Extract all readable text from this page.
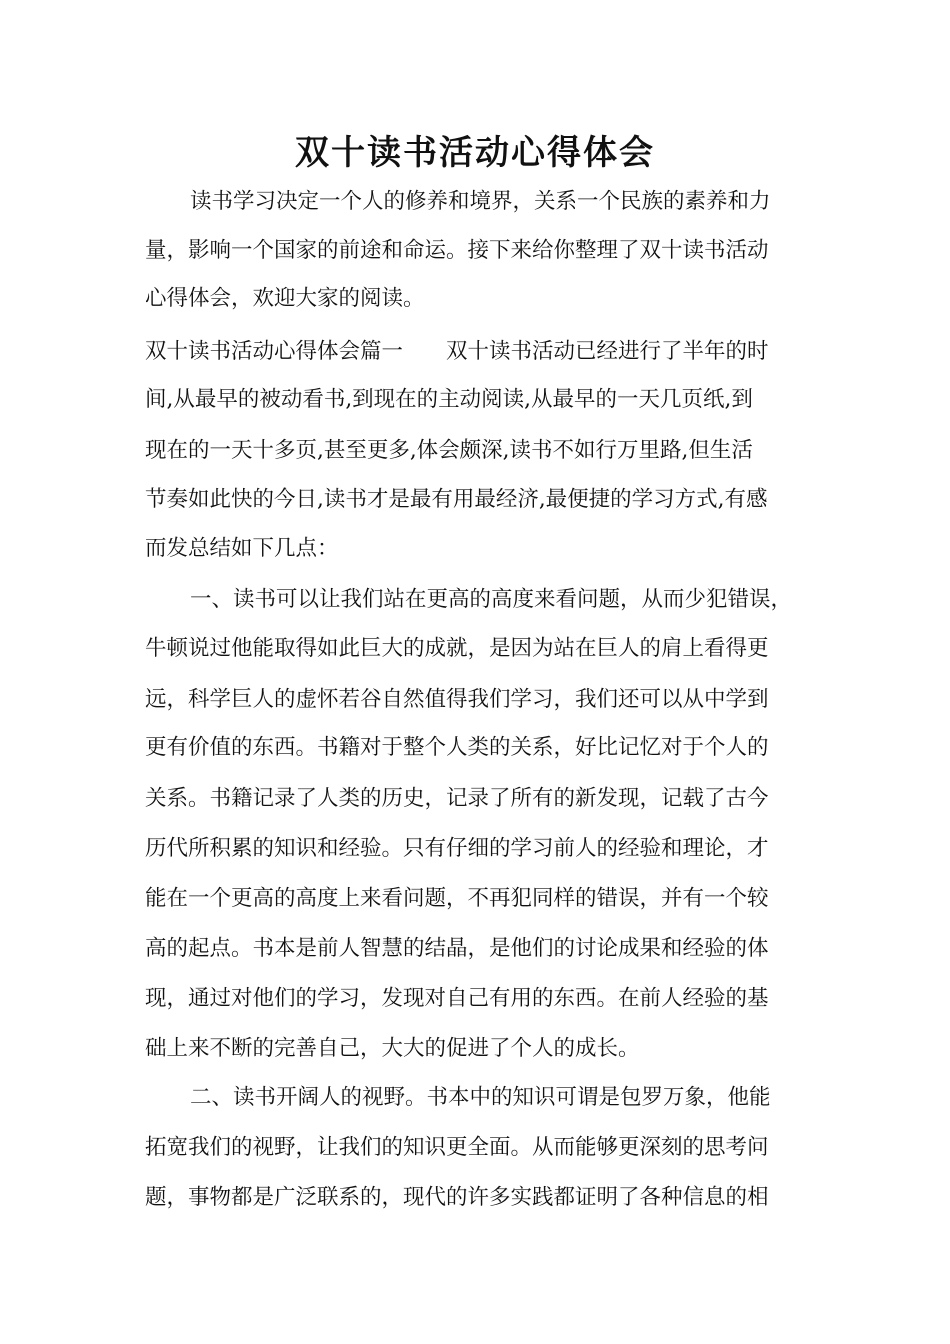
双十读书活动心得体会

读书学习决定一个人的修养和境界，关系一个民族的素养和力

量，影响一个国家的前途和命运。接下来给你整理了双十读书活动

心得体会，欢迎大家的阅读。

双十读书活动心得体会篇一　　双十读书活动已经进行了半年的时

间,从最早的被动看书,到现在的主动阅读,从最早的一天几页纸,到

现在的一天十多页,甚至更多,体会颇深,读书不如行万里路,但生活

节奏如此快的今日,读书才是最有用最经济,最便捷的学习方式,有感

而发总结如下几点：

一、读书可以让我们站在更高的高度来看问题，从而少犯错误，

牛顿说过他能取得如此巨大的成就，是因为站在巨人的肩上看得更

远，科学巨人的虚怀若谷自然值得我们学习，我们还可以从中学到

更有价值的东西。书籍对于整个人类的关系，好比记忆对于个人的

关系。书籍记录了人类的历史，记录了所有的新发现，记载了古今

历代所积累的知识和经验。只有仔细的学习前人的经验和理论，才

能在一个更高的高度上来看问题，不再犯同样的错误，并有一个较

高的起点。书本是前人智慧的结晶，是他们的讨论成果和经验的体

现，通过对他们的学习，发现对自己有用的东西。在前人经验的基

础上来不断的完善自己，大大的促进了个人的成长。

二、读书开阔人的视野。书本中的知识可谓是包罗万象，他能

拓宽我们的视野，让我们的知识更全面。从而能够更深刻的思考问

题，事物都是广泛联系的，现代的许多实践都证明了各种信息的相
